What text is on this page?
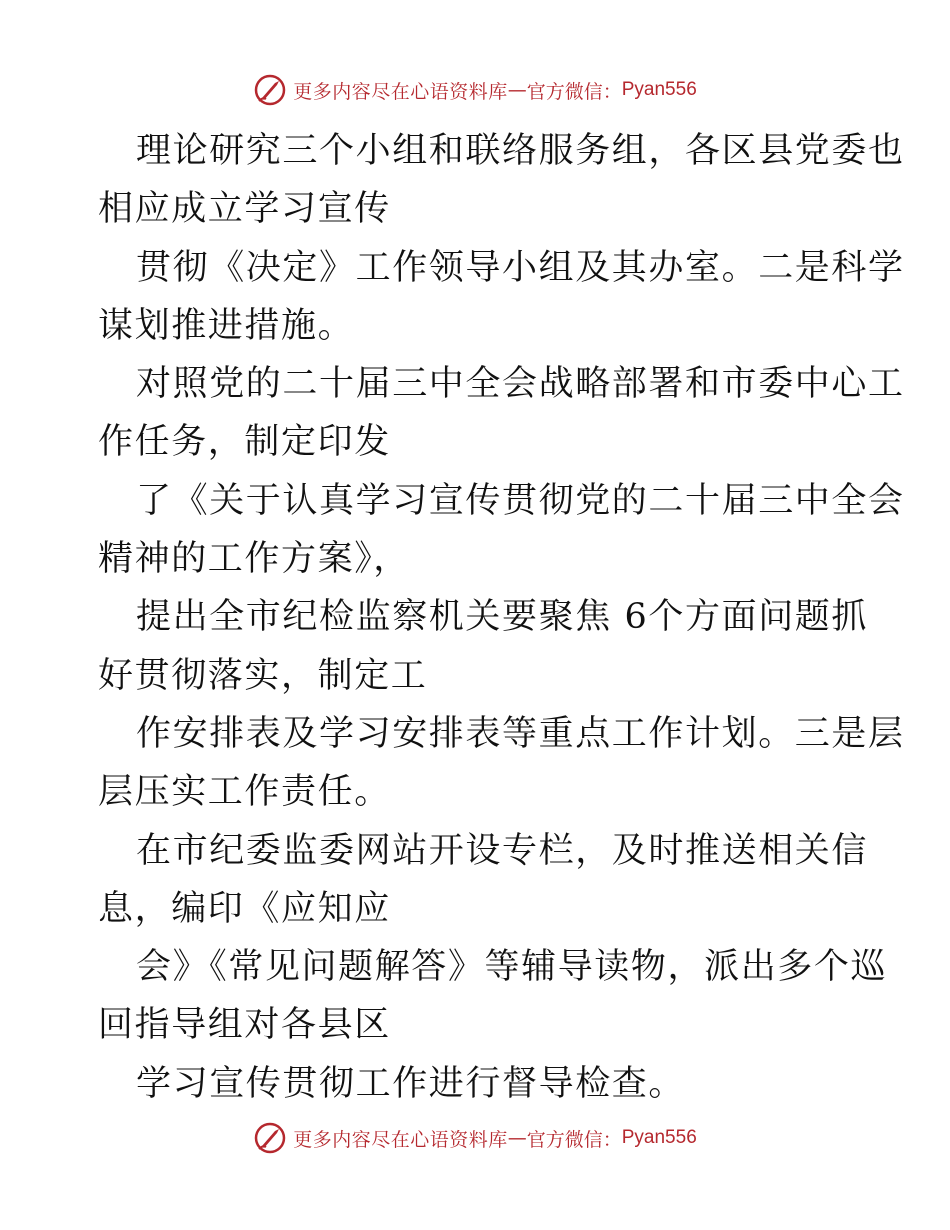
更多内容尽在心语资料库 — 官方微信： Pyan556
理论研究三个小组和联络服务组，各区县党委也
相应成立学习宣传
贯彻《决定》工作领导小组及其办室。二是科学
谋划推进措施。
对照党的二十届三中全会战略部署和市委中心工
作任务，制定印发
了《关于认真学习宣传贯彻党的二十届三中全会
精神的工作方案》，
提出全市纪检监察机关要聚焦 6个方面问题抓
好贯彻落实，制定工
作安排表及学习安排表等重点工作计划。三是层
层压实工作责任。
在市纪委监委网站开设专栏，及时推送相关信
息，编印《应知应
会》《常见问题解答》等辅导读物，派出多个巡
回指导组对各县区
学习宣传贯彻工作进行督导检查。
更多内容尽在心语资料库 — 官方微信： Pyan556
